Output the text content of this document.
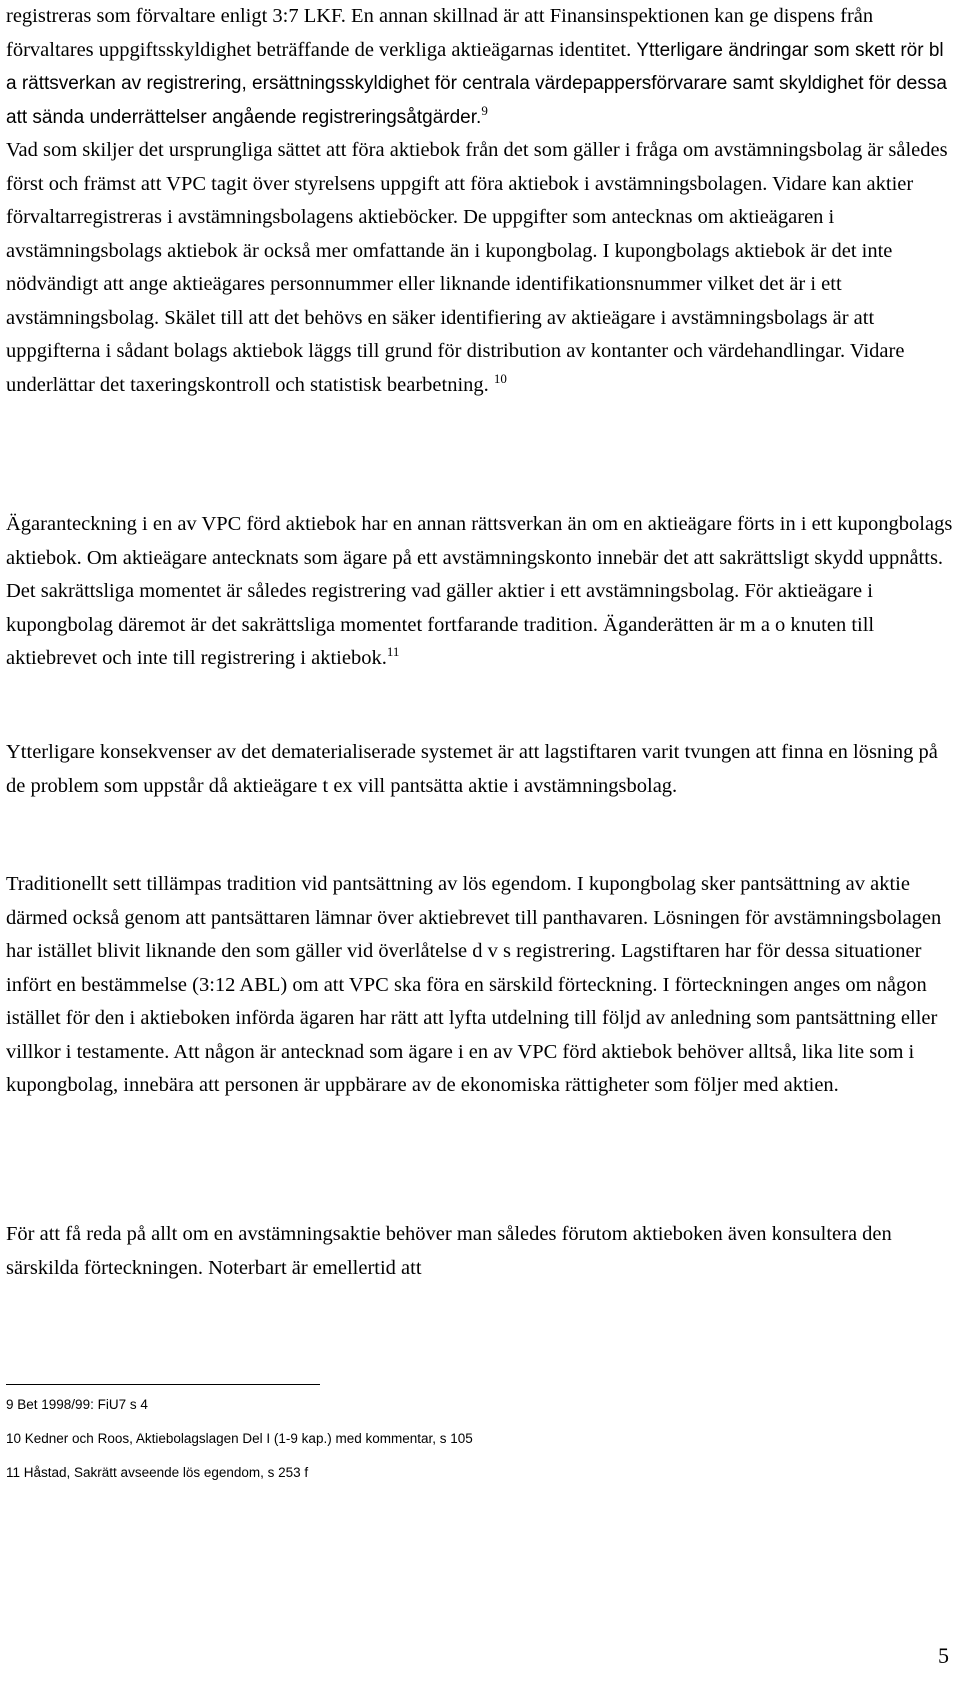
registreras som förvaltare enligt 3:7 LKF. En annan skillnad är att Finansinspektionen kan ge dispens från förvaltares uppgiftsskyldighet beträffande de verkliga aktieägarnas identitet. Ytterligare ändringar som skett rör bl a rättsverkan av registrering, ersättningsskyldighet för centrala värdepappersförvarare samt skyldighet för dessa att sända underrättelser angående registreringsåtgärder.$^9$
Vad som skiljer det ursprungliga sättet att föra aktiebok från det som gäller i fråga om avstämningsbolag är således först och främst att VPC tagit över styrelsens uppgift att föra aktiebok i avstämningsbolagen. Vidare kan aktier förvaltarregistreras i avstämningsbolagens aktieböcker. De uppgifter som antecknas om aktieägaren i avstämningsbolags aktiebok är också mer omfattande än i kupongbolag. I kupongbolags aktiebok är det inte nödvändigt att ange aktieägares personnummer eller liknande identifikationsnummer vilket det är i ett avstämningsbolag. Skälet till att det behövs en säker identifiering av aktieägare i avstämningsbolags är att uppgifterna i sådant bolags aktiebok läggs till grund för distribution av kontanter och värdehandlingar. Vidare underlättar det taxeringskontroll och statistisk bearbetning. $^{10}$

Ägaranteckning i en av VPC förd aktiebok har en annan rättsverkan än om en aktieägare förts in i ett kupongbolags aktiebok. Om aktieägare antecknats som ägare på ett avstämningskonto innebär det att sakrättsligt skydd uppnåtts. Det sakrättsliga momentet är således registrering vad gäller aktier i ett avstämningsbolag. För aktieägare i kupongbolag däremot är det sakrättsliga momentet fortfarande tradition. Äganderätten är m a o knuten till aktiebrevet och inte till registrering i aktiebok.$^{11}$

Ytterligare konsekvenser av det dematerialiserade systemet är att lagstiftaren varit tvungen att finna en lösning på de problem som uppstår då aktieägare t ex vill pantsätta aktie i avstämningsbolag.

Traditionellt sett tillämpas tradition vid pantsättning av lös egendom. I kupongbolag sker pantsättning av aktie därmed också genom att pantsättaren lämnar över aktiebrevet till panthavaren. Lösningen för avstämningsbolagen har istället blivit liknande den som gäller vid överlåtelse d v s registrering. Lagstiftaren har för dessa situationer infört en bestämmelse (3:12 ABL) om att VPC ska föra en särskild förteckning. I förteckningen anges om någon istället för den i aktieboken införda ägaren har rätt att lyfta utdelning till följd av anledning som pantsättning eller villkor i testamente. Att någon är antecknad som ägare i en av VPC förd aktiebok behöver alltså, lika lite som i kupongbolag, innebära att personen är uppbärare av de ekonomiska rättigheter som följer med aktien.

För att få reda på allt om en avstämningsaktie behöver man således förutom aktieboken även konsultera den särskilda förteckningen. Noterbart är emellertid att

9 Bet 1998/99: FiU7 s 4
10 Kedner och Roos, Aktiebolagslagen Del I (1-9 kap.) med kommentar, s 105
11 Håstad, Sakrätt avseende lös egendom, s 253 f
5
